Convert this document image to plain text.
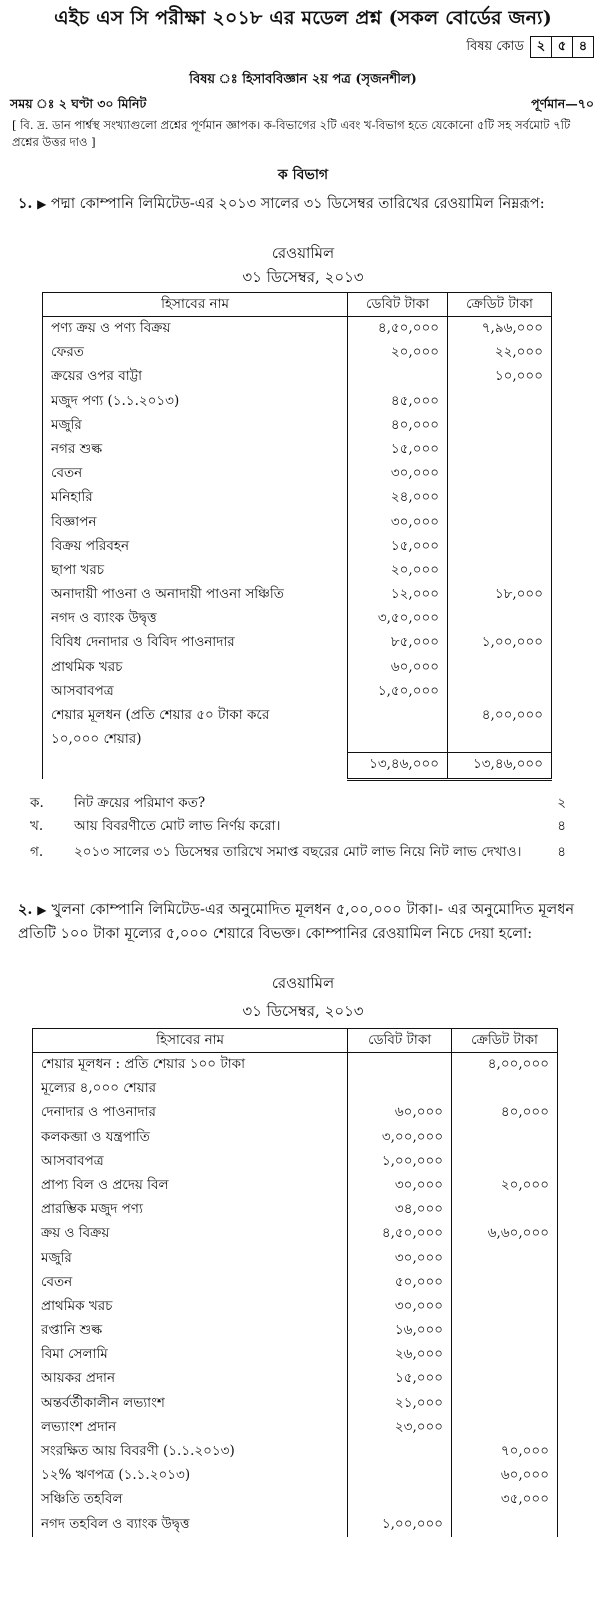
এইচ এস সি পরীক্ষা ২০১৮ এর মডেল প্রশ্ন (সকল বোর্ডের জন্য)
বিষয় কোড ২ ৫ ৪
বিষয় ঃ হিসাববিজ্ঞান ২য় পত্র (সৃজনশীল)
সময় ঃ ২ ঘণ্টা ৩০ মিনিট	পূর্ণমান—৭০
[ বি. দ্র. ডান পার্শ্বস্থ সংখ্যাগুলো প্রশ্নের পূর্ণমান জ্ঞাপক। ক-বিভাগের ২টি এবং খ-বিভাগ হতে যেকোনো ৫টি সহ সর্বমোট ৭টি প্রশ্নের উত্তর দাও ]
ক বিভাগ
১. ▶ পদ্মা কোম্পানি লিমিটেড-এর ২০১৩ সালের ৩১ ডিসেম্বর তারিখের রেওয়ামিল নিম্নরূপ:
রেওয়ামিল
৩১ ডিসেম্বর, ২০১৩
হিসাবের নাম	ডেবিট টাকা	ক্রেডিট টাকা
পণ্য ক্রয় ও পণ্য বিক্রয়	৪,৫০,০০০	৭,৯৬,০০০
ফেরত	২০,০০০	২২,০০০
ক্রয়ের ওপর বাট্টা		১০,০০০
মজুদ পণ্য (১.১.২০১৩)	৪৫,০০০	
মজুরি	৪০,০০০	
নগর শুল্ক	১৫,০০০	
বেতন	৩০,০০০	
মনিহারি	২৪,০০০	
বিজ্ঞাপন	৩০,০০০	
বিক্রয় পরিবহন	১৫,০০০	
ছাপা খরচ	২০,০০০	
অনাদায়ী পাওনা ও অনাদায়ী পাওনা সঞ্চিতি	১২,০০০	১৮,০০০
নগদ ও ব্যাংক উদ্বৃত্ত	৩,৫০,০০০	
বিবিধ দেনাদার ও বিবিদ পাওনাদার	৮৫,০০০	১,০০,০০০
প্রাথমিক খরচ	৬০,০০০	
আসবাবপত্র	১,৫০,০০০	
শেয়ার মূলধন (প্রতি শেয়ার ৫০ টাকা করে		৪,০০,০০০
১০,০০০ শেয়ার)		
	১৩,৪৬,০০০	১৩,৪৬,০০০
ক.	নিট ক্রয়ের পরিমাণ কত?	২
খ.	আয় বিবরণীতে মোট লাভ নির্ণয় করো।	৪
গ.	২০১৩ সালের ৩১ ডিসেম্বর তারিখে সমাপ্ত বছরের মোট লাভ নিয়ে নিট লাভ দেখাও।	৪
২. ▶ খুলনা কোম্পানি লিমিটেড-এর অনুমোদিত মূলধন ৫,০০,০০০ টাকা।- এর অনুমোদিত মূলধন প্রতিটি ১০০ টাকা মূল্যের ৫,০০০ শেয়ারে বিভক্ত। কোম্পানির রেওয়ামিল নিচে দেয়া হলো:
রেওয়ামিল
৩১ ডিসেম্বর, ২০১৩
হিসাবের নাম	ডেবিট টাকা	ক্রেডিট টাকা
শেয়ার মূলধন : প্রতি শেয়ার ১০০ টাকা		৪,০০,০০০
মূল্যের ৪,০০০ শেয়ার		
দেনাদার ও পাওনাদার	৬০,০০০	৪০,০০০
কলকব্জা ও যন্ত্রপাতি	৩,০০,০০০	
আসবাবপত্র	১,০০,০০০	
প্রাপ্য বিল ও প্রদেয় বিল	৩০,০০০	২০,০০০
প্রারম্ভিক মজুদ পণ্য	৩৪,০০০	
ক্রয় ও বিক্রয়	৪,৫০,০০০	৬,৬০,০০০
মজুরি	৩০,০০০	
বেতন	৫০,০০০	
প্রাথমিক খরচ	৩০,০০০	
রপ্তানি শুল্ক	১৬,০০০	
বিমা সেলামি	২৬,০০০	
আয়কর প্রদান	১৫,০০০	
অন্তর্বর্তীকালীন লভ্যাংশ	২১,০০০	
লভ্যাংশ প্রদান	২৩,০০০	
সংরক্ষিত আয় বিবরণী (১.১.২০১৩)		৭০,০০০
১২% ঋণপত্র (১.১.২০১৩)		৬০,০০০
সঞ্চিতি তহবিল		৩৫,০০০
নগদ তহবিল ও ব্যাংক উদ্বৃত্ত	১,০০,০০০	
